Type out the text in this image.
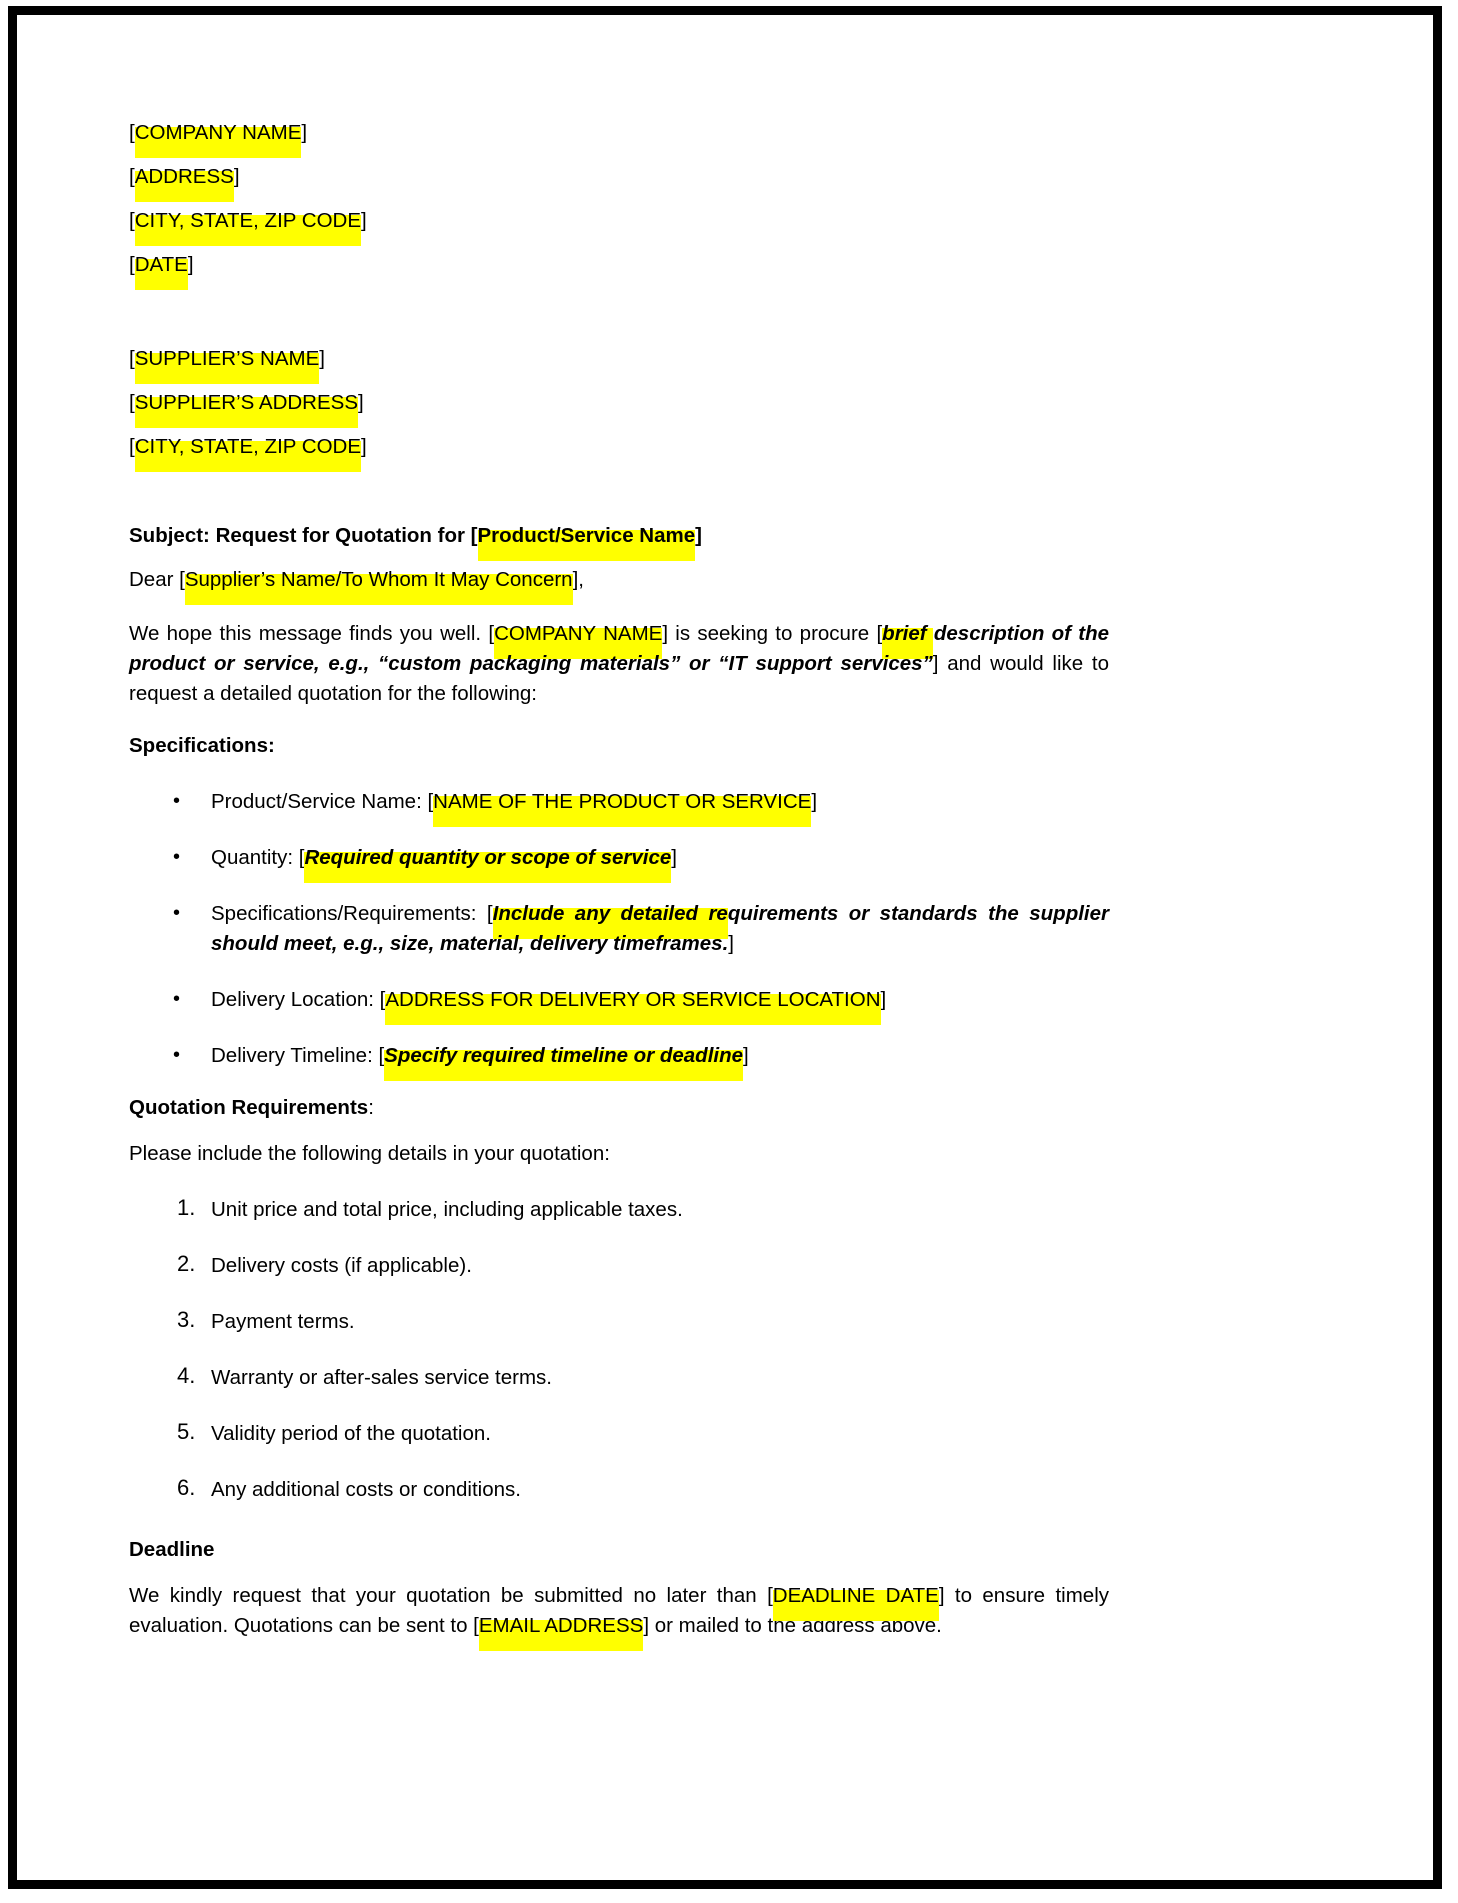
[COMPANY NAME]
[ADDRESS]
[CITY, STATE, ZIP CODE]
[DATE]
[SUPPLIER’S NAME]
[SUPPLIER’S ADDRESS]
[CITY, STATE, ZIP CODE]
Subject: Request for Quotation for [Product/Service Name]
Dear [Supplier’s Name/To Whom It May Concern],
We hope this message finds you well. [COMPANY NAME] is seeking to procure [brief description of the product or service, e.g., “custom packaging materials” or “IT support services”] and would like to request a detailed quotation for the following:
Specifications:
• Product/Service Name: [NAME OF THE PRODUCT OR SERVICE]
• Quantity: [Required quantity or scope of service]
• Specifications/Requirements: [Include any detailed requirements or standards the supplier should meet, e.g., size, material, delivery timeframes.]
• Delivery Location: [ADDRESS FOR DELIVERY OR SERVICE LOCATION]
• Delivery Timeline: [Specify required timeline or deadline]
Quotation Requirements:
Please include the following details in your quotation:
Unit price and total price, including applicable taxes.
Delivery costs (if applicable).
Payment terms.
Warranty or after-sales service terms.
Validity period of the quotation.
Any additional costs or conditions.
Deadline
We kindly request that your quotation be submitted no later than [DEADLINE DATE] to ensure timely evaluation. Quotations can be sent to [EMAIL ADDRESS] or mailed to the address above.
